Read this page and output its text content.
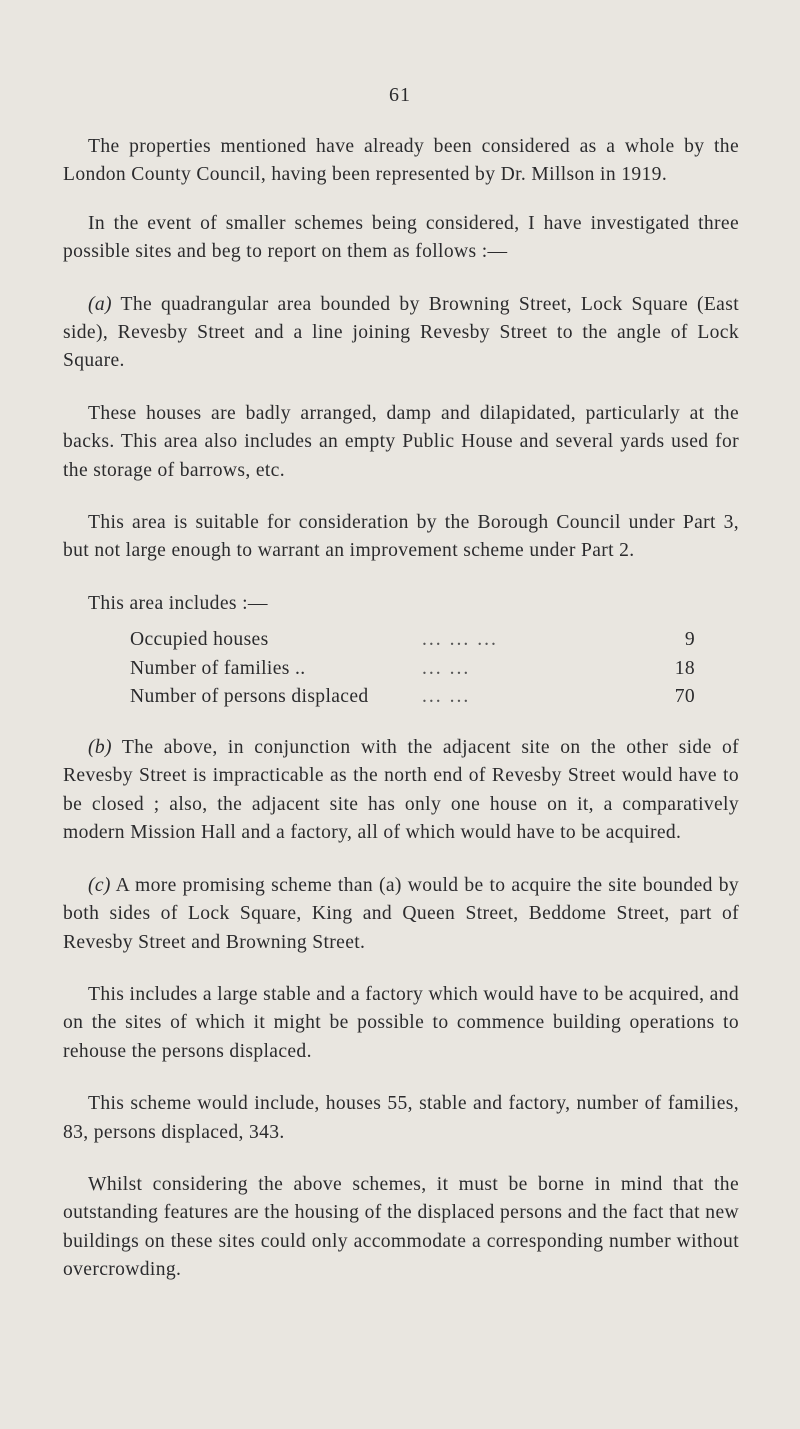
61

The properties mentioned have already been considered as a whole by the London County Council, having been represented by Dr. Millson in 1919.

In the event of smaller schemes being considered, I have investigated three possible sites and beg to report on them as follows :—

(a) The quadrangular area bounded by Browning Street, Lock Square (East side), Revesby Street and a line joining Revesby Street to the angle of Lock Square.

These houses are badly arranged, damp and dilapidated, particularly at the backs. This area also includes an empty Public House and several yards used for the storage of barrows, etc.

This area is suitable for consideration by the Borough Council under Part 3, but not large enough to warrant an improvement scheme under Part 2.

This area includes :—

Occupied houses	... ... ...	9
Number of families ..	... ...	18
Number of persons displaced	... ...	70

(b) The above, in conjunction with the adjacent site on the other side of Revesby Street is impracticable as the north end of Revesby Street would have to be closed ; also, the adjacent site has only one house on it, a comparatively modern Mission Hall and a factory, all of which would have to be acquired.

(c) A more promising scheme than (a) would be to acquire the site bounded by both sides of Lock Square, King and Queen Street, Beddome Street, part of Revesby Street and Browning Street.

This includes a large stable and a factory which would have to be acquired, and on the sites of which it might be possible to commence building operations to rehouse the persons displaced.

This scheme would include, houses 55, stable and factory, number of families, 83, persons displaced, 343.

Whilst considering the above schemes, it must be borne in mind that the outstanding features are the housing of the displaced persons and the fact that new buildings on these sites could only accommodate a corresponding number without overcrowding.
